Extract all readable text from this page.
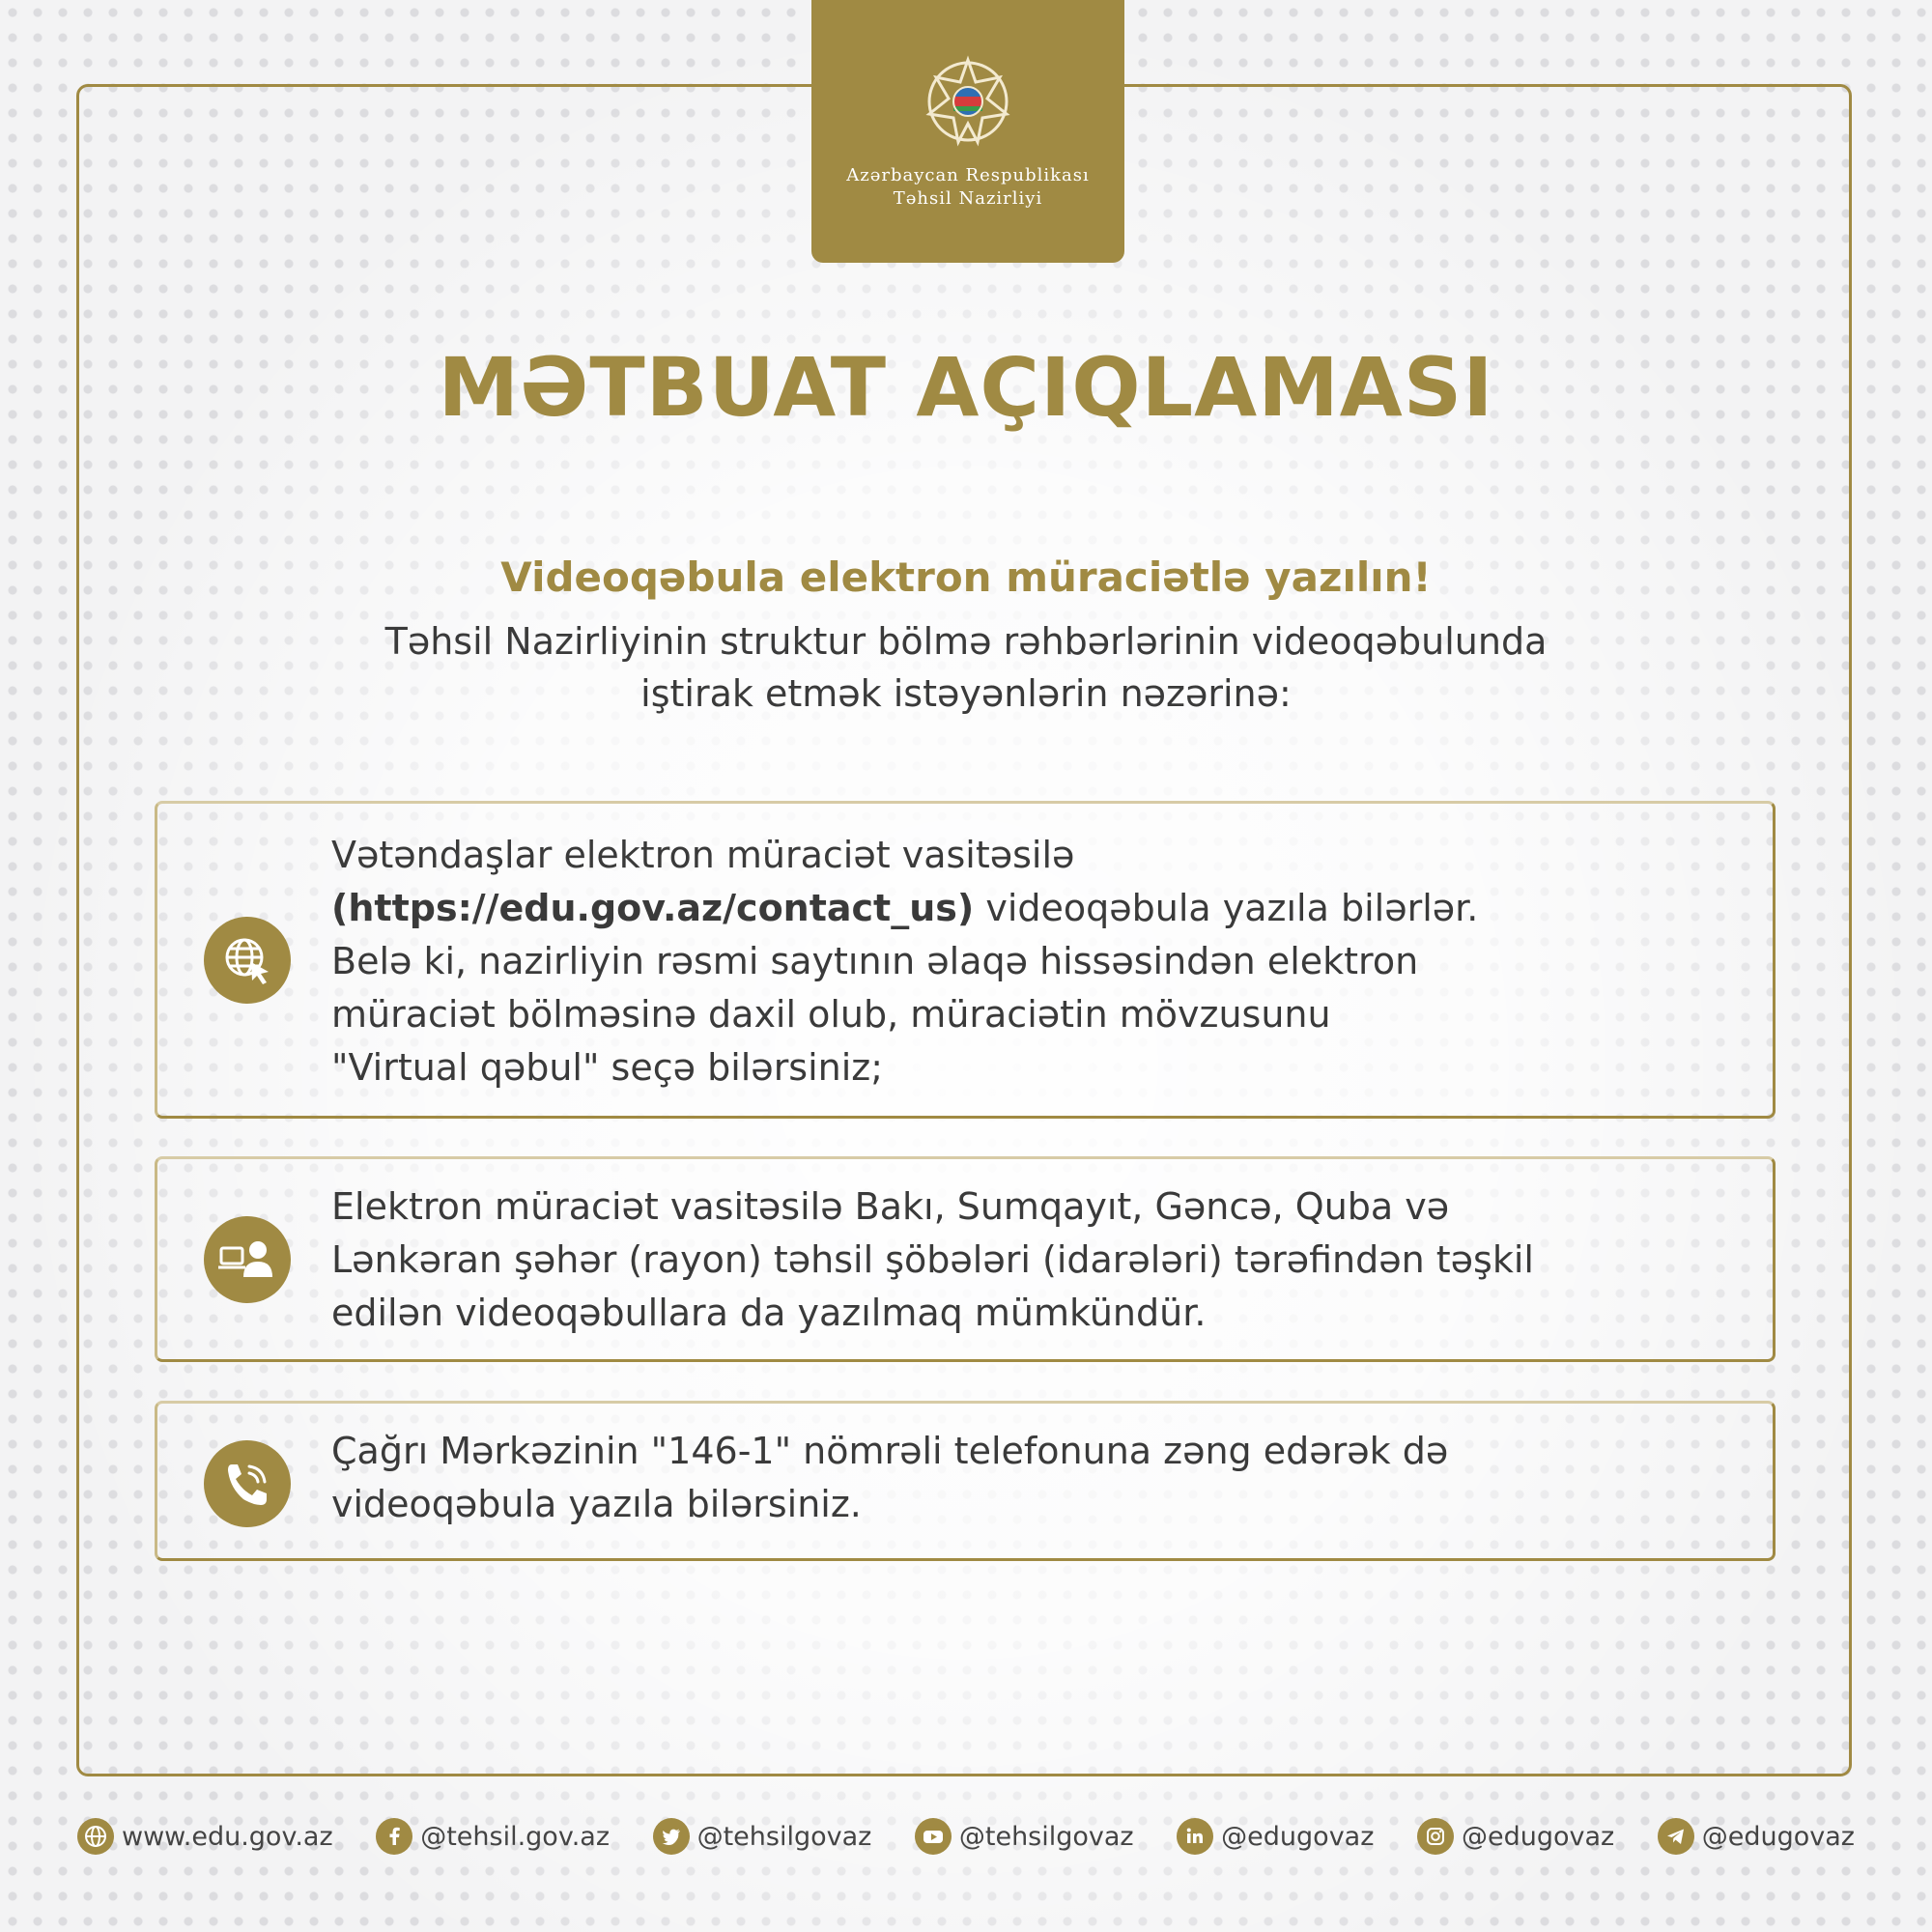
Azərbaycan Respublikası
Təhsil Nazirliyi
MƏTBUAT AÇIQLAMASI
Videoqəbula elektron müraciətlə yazılın!
Təhsil Nazirliyinin struktur bölmə rəhbərlərinin videoqəbulunda
iştirak etmək istəyənlərin nəzərinə:
Vətəndaşlar elektron müraciət vasitəsilə
(https://edu.gov.az/contact_us) videoqəbula yazıla bilərlər.
Belə ki, nazirliyin rəsmi saytının əlaqə hissəsindən elektron
müraciət bölməsinə daxil olub, müraciətin mövzusunu
"Virtual qəbul" seçə bilərsiniz;
Elektron müraciət vasitəsilə Bakı, Sumqayıt, Gəncə, Quba və
Lənkəran şəhər (rayon) təhsil şöbələri (idarələri) tərəfindən təşkil
edilən videoqəbullara da yazılmaq mümkündür.
Çağrı Mərkəzinin "146-1" nömrəli telefonuna zəng edərək də
videoqəbula yazıla bilərsiniz.
www.edu.gov.az	@tehsil.gov.az	@tehsilgovaz	@tehsilgovaz	@edugovaz	@edugovaz	@edugovaz
